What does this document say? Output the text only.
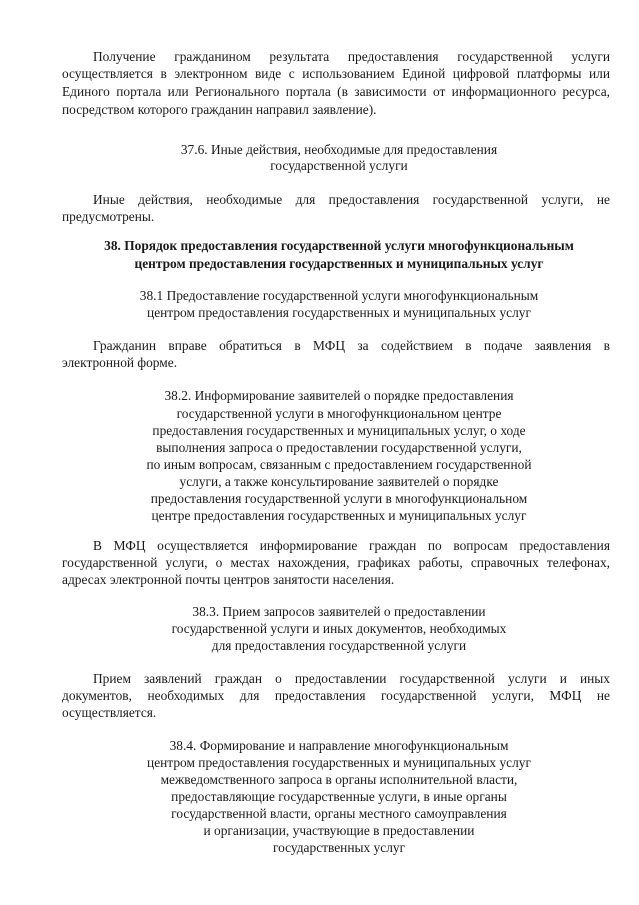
Получение гражданином результата предоставления государственной услуги
осуществляется в электронном виде с использованием Единой цифровой платформы или
Единого портала или Регионального портала (в зависимости от информационного ресурса,
посредством которого гражданин направил заявление).
37.6. Иные действия, необходимые для предоставления
государственной услуги
Иные действия, необходимые для предоставления государственной услуги, не
предусмотрены.
38. Порядок предоставления государственной услуги многофункциональным
центром предоставления государственных и муниципальных услуг
38.1 Предоставление государственной услуги многофункциональным
центром предоставления государственных и муниципальных услуг
Гражданин вправе обратиться в МФЦ за содействием в подаче заявления в
электронной форме.
38.2. Информирование заявителей о порядке предоставления
государственной услуги в многофункциональном центре
предоставления государственных и муниципальных услуг, о ходе
выполнения запроса о предоставлении государственной услуги,
по иным вопросам, связанным с предоставлением государственной
услуги, а также консультирование заявителей о порядке
предоставления государственной услуги в многофункциональном
центре предоставления государственных и муниципальных услуг
В МФЦ осуществляется информирование граждан по вопросам предоставления
государственной услуги, о местах нахождения, графиках работы, справочных телефонах,
адресах электронной почты центров занятости населения.
38.3. Прием запросов заявителей о предоставлении
государственной услуги и иных документов, необходимых
для предоставления государственной услуги
Прием заявлений граждан о предоставлении государственной услуги и иных
документов, необходимых для предоставления государственной услуги, МФЦ не
осуществляется.
38.4. Формирование и направление многофункциональным
центром предоставления государственных и муниципальных услуг
межведомственного запроса в органы исполнительной власти,
предоставляющие государственные услуги, в иные органы
государственной власти, органы местного самоуправления
и организации, участвующие в предоставлении
государственных услуг
